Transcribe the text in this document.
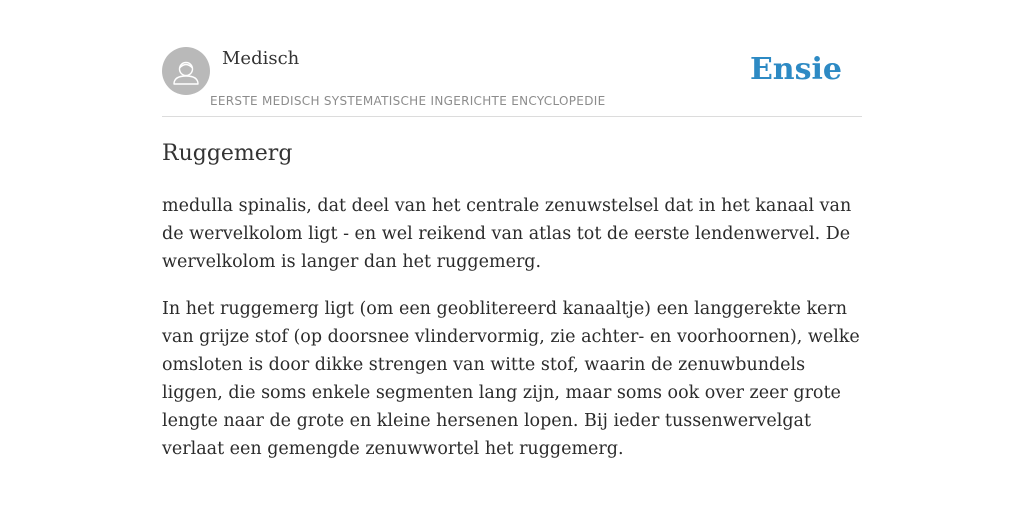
Medisch
EERSTE MEDISCH SYSTEMATISCHE INGERICHTE ENCYCLOPEDIE
Ensie
Ruggemerg

medulla spinalis, dat deel van het centrale zenuwstelsel dat in het kanaal van de wervelkolom ligt - en wel reikend van atlas tot de eerste lendenwervel. De wervelkolom is langer dan het ruggemerg.

In het ruggemerg ligt (om een geoblitereerd kanaaltje) een langgerekte kern van grijze stof (op doorsnee vlindervormig, zie achter- en voorhoornen), welke omsloten is door dikke strengen van witte stof, waarin de zenuwbundels liggen, die soms enkele segmenten lang zijn, maar soms ook over zeer grote lengte naar de grote en kleine hersenen lopen. Bij ieder tussenwervelgat verlaat een gemengde zenuwwortel het ruggemerg.
